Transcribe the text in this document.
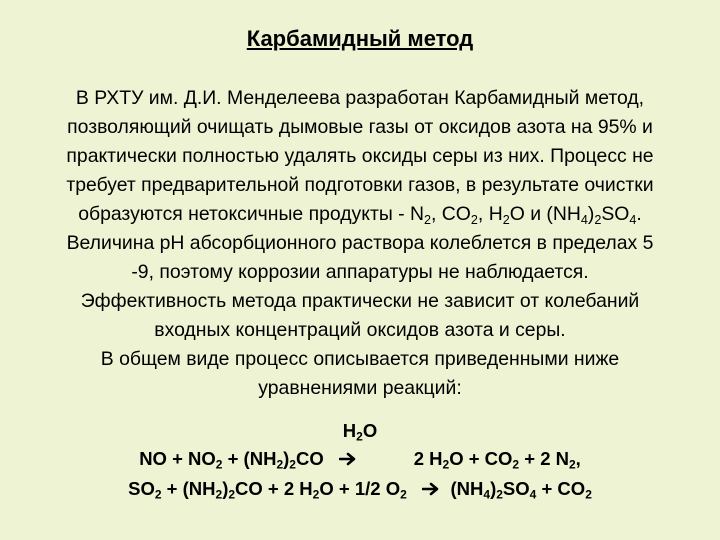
Карбамидный метод
В РХТУ им. Д.И. Менделеева разработан Карбамидный метод,
позволяющий очищать дымовые газы от оксидов азота на 95% и
практически полностью удалять оксиды серы из них. Процесс не
требует предварительной подготовки газов, в результате очистки
образуются нетоксичные продукты - $N_2$, $CO_2$, $H_2O$ и $(NH_4)_2SO_4$.
Величина pH абсорбционного раствора колеблется в пределах 5
-9, поэтому коррозии аппаратуры не наблюдается.
Эффективность метода практически не зависит от колебаний
входных концентраций оксидов азота и серы.
В общем виде процесс описывается приведенными ниже
уравнениями реакций:
$H_2O$
NO + $NO_2 + (NH_2)_2CO$	2 $H_2O + CO_2 + 2$ $N_2$,
$SO_2 + (NH_2)_2CO + 2$ $H_2O + 1/2$ $O_2$ $(NH_4)_2SO_4 + CO_2$
